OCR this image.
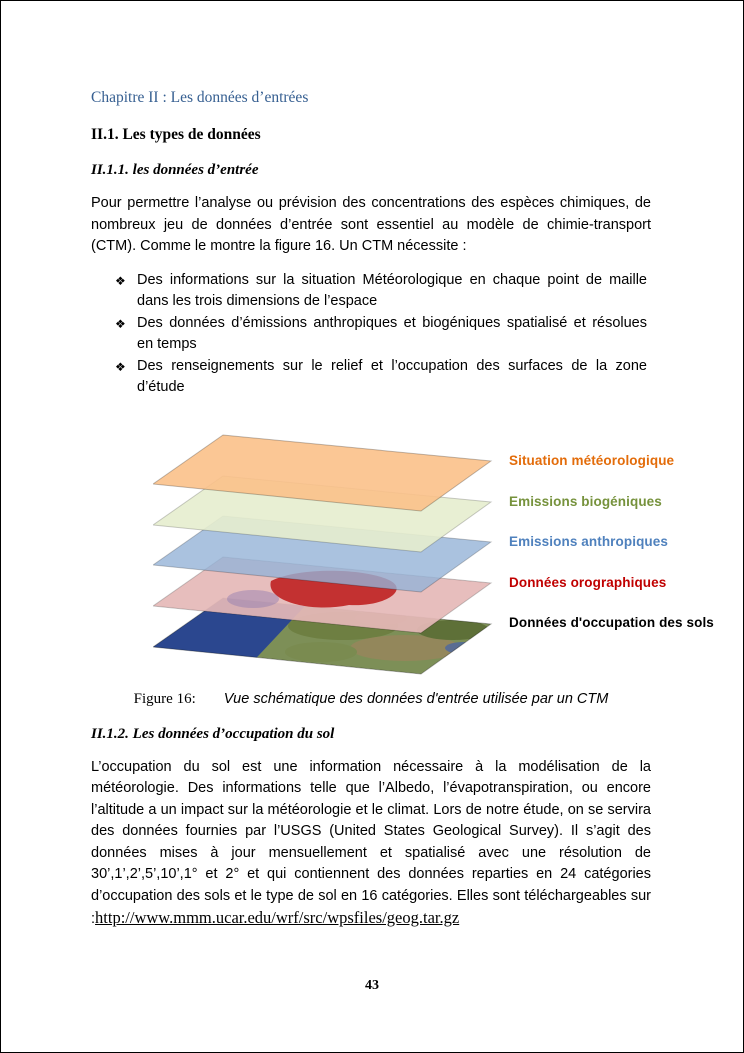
Chapitre II : Les données d’entrées
II.1. Les types de données
II.1.1. les données d’entrée

Pour permettre l’analyse ou prévision des concentrations des espèces chimiques, de nombreux jeu de données d’entrée sont essentiel au modèle de chimie-transport (CTM). Comme le montre la figure 16. Un CTM nécessite :

❖ Des informations sur la situation Météorologique en chaque point de maille dans les trois dimensions de l’espace
❖ Des données d’émissions anthropiques et biogéniques spatialisé et résolues en temps
❖ Des renseignements sur le relief et l’occupation des surfaces de la zone d’étude
Situation météorologique
Emissions biogéniques
Emissions anthropiques
Données orographiques
Données d'occupation des sols
Figure 16: Vue schématique des données d'entrée utilisée par un CTM
II.1.2. Les données d’occupation du sol

L’occupation du sol est une information nécessaire à la modélisation de la météorologie. Des informations telle que l’Albedo, l’évapotranspiration, ou encore l’altitude a un impact sur la météorologie et le climat. Lors de notre étude, on se servira des données fournies par l’USGS (United States Geological Survey). Il s’agit des données mises à jour mensuellement et spatialisé avec une résolution de 30’,1’,2’,5’,10’,1° et 2° et qui contiennent des données reparties en 24 catégories d’occupation des sols et le type de sol en 16 catégories. Elles sont téléchargeables sur :http://www.mmm.ucar.edu/wrf/src/wpsfiles/geog.tar.gz

43
